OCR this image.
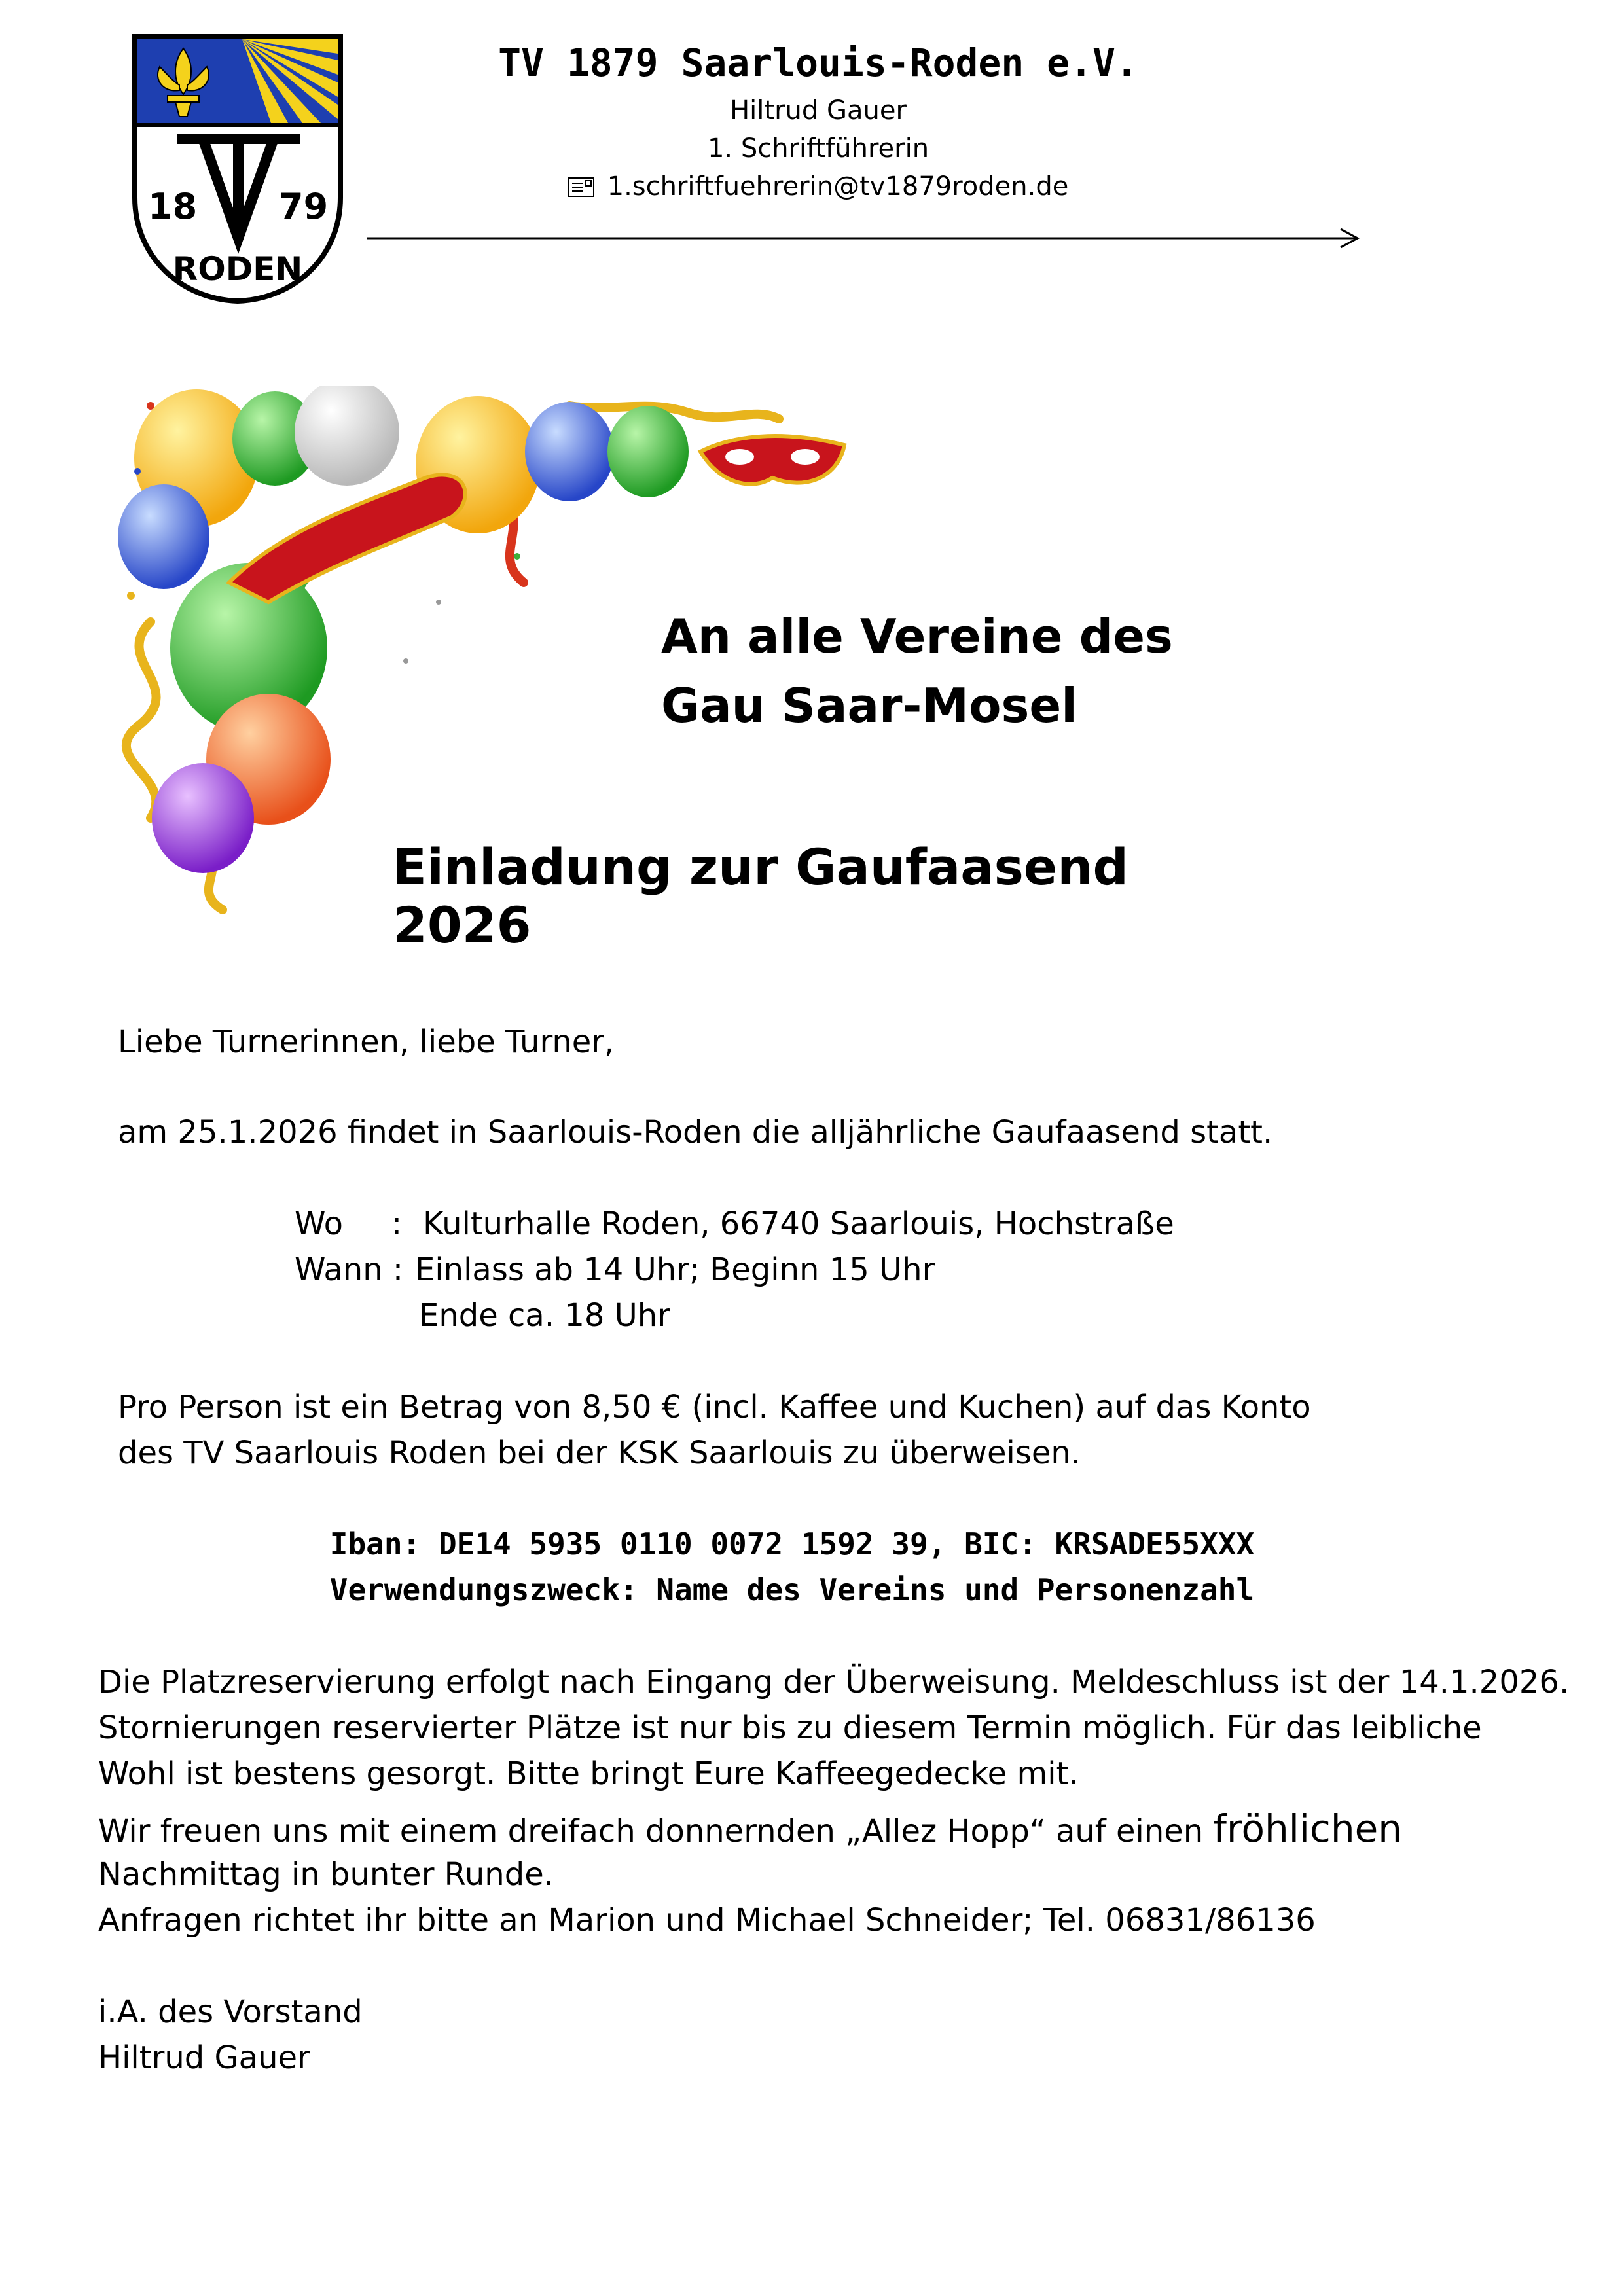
18 79
RODEN
TV 1879 Saarlouis-Roden e.V.

Hiltrud Gauer

1. Schriftführerin

1.schriftfuehrerin@tv1879roden.de

An alle Vereine des

Gau Saar-Mosel

Einladung zur Gaufaasend 2026

Liebe Turnerinnen, liebe Turner,

am 25.1.2026 findet in Saarlouis-Roden die alljährliche Gaufaasend statt.

Wo : Kulturhalle Roden, 66740 Saarlouis, Hochstraße

Wann : Einlass ab 14 Uhr; Beginn 15 Uhr

Ende ca. 18 Uhr

Pro Person ist ein Betrag von 8,50 € (incl. Kaffee und Kuchen) auf das Konto

des TV Saarlouis Roden bei der KSK Saarlouis zu überweisen.

Iban: DE14 5935 0110 0072 1592 39, BIC: KRSADE55XXX

Verwendungszweck: Name des Vereins und Personenzahl

Die Platzreservierung erfolgt nach Eingang der Überweisung. Meldeschluss ist der 14.1.2026.

Stornierungen reservierter Plätze ist nur bis zu diesem Termin möglich. Für das leibliche

Wohl ist bestens gesorgt. Bitte bringt Eure Kaffeegedecke mit.

Wir freuen uns mit einem dreifach donnernden „Allez Hopp“ auf einen fröhlichen

Nachmittag in bunter Runde.

Anfragen richtet ihr bitte an Marion und Michael Schneider; Tel. 06831/86136

i.A. des Vorstand

Hiltrud Gauer
